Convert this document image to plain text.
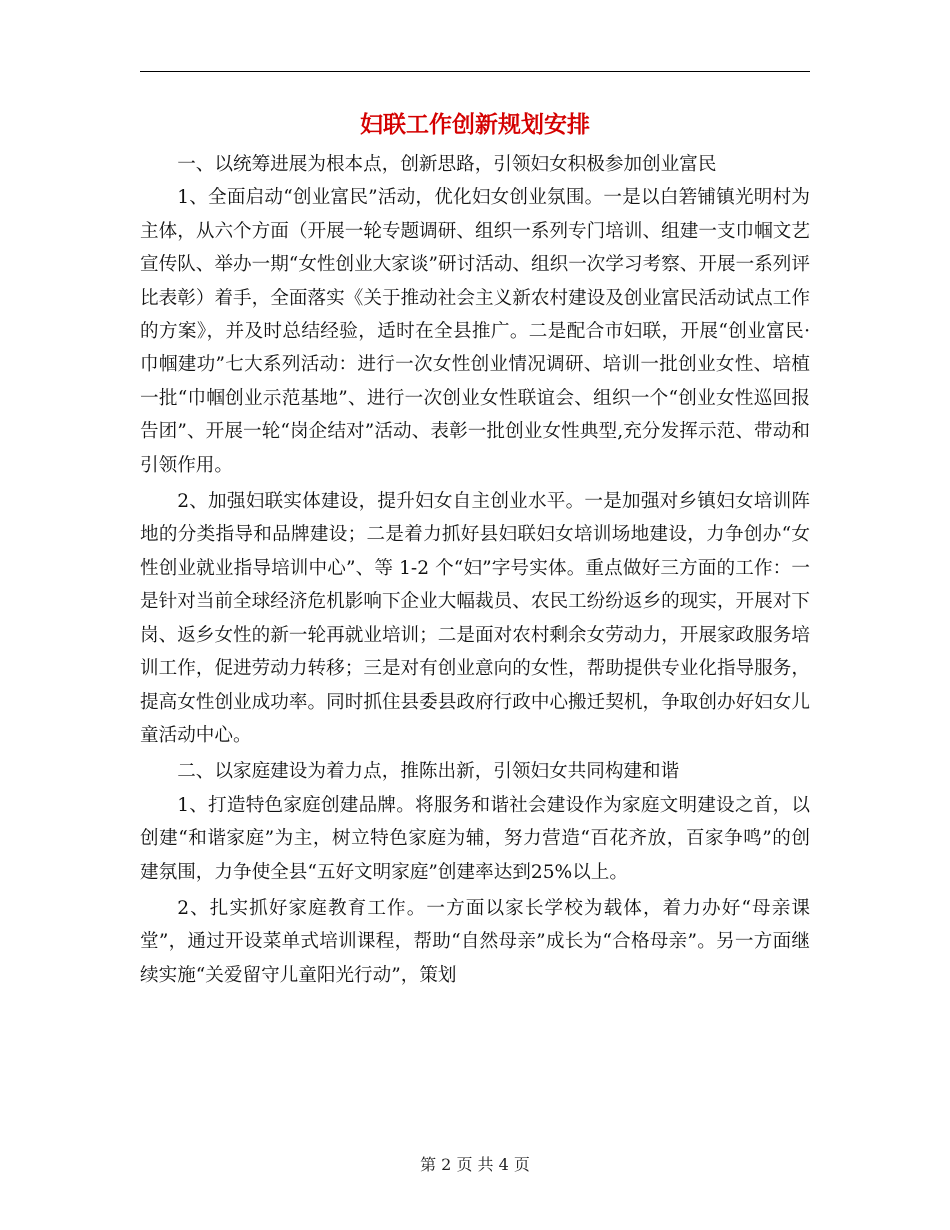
妇联工作创新规划安排

一、以统筹进展为根本点，创新思路，引领妇女积极参加创业富民

1、全面启动“创业富民”活动，优化妇女创业氛围。一是以白箬铺镇光明村为主体，从六个方面（开展一轮专题调研、组织一系列专门培训、组建一支巾帼文艺宣传队、举办一期“女性创业大家谈”研讨活动、组织一次学习考察、开展一系列评比表彰）着手，全面落实《关于推动社会主义新农村建设及创业富民活动试点工作的方案》，并及时总结经验，适时在全县推广。二是配合市妇联，开展“创业富民·巾帼建功”七大系列活动：进行一次女性创业情况调研、培训一批创业女性、培植一批“巾帼创业示范基地”、进行一次创业女性联谊会、组织一个“创业女性巡回报告团”、开展一轮“岗企结对”活动、表彰一批创业女性典型,充分发挥示范、带动和引领作用。

2、加强妇联实体建设，提升妇女自主创业水平。一是加强对乡镇妇女培训阵地的分类指导和品牌建设；二是着力抓好县妇联妇女培训场地建设，力争创办“女性创业就业指导培训中心”、等 1-2 个“妇”字号实体。重点做好三方面的工作：一是针对当前全球经济危机影响下企业大幅裁员、农民工纷纷返乡的现实，开展对下岗、返乡女性的新一轮再就业培训；二是面对农村剩余女劳动力，开展家政服务培训工作，促进劳动力转移；三是对有创业意向的女性，帮助提供专业化指导服务，提高女性创业成功率。同时抓住县委县政府行政中心搬迁契机，争取创办好妇女儿童活动中心。

二、以家庭建设为着力点，推陈出新，引领妇女共同构建和谐

1、打造特色家庭创建品牌。将服务和谐社会建设作为家庭文明建设之首，以创建“和谐家庭”为主，树立特色家庭为辅，努力营造“百花齐放，百家争鸣”的创建氛围，力争使全县“五好文明家庭”创建率达到25%以上。

2、扎实抓好家庭教育工作。一方面以家长学校为载体，着力办好“母亲课堂”，通过开设菜单式培训课程，帮助“自然母亲”成长为“合格母亲”。另一方面继续实施“关爱留守儿童阳光行动”，策划

第 2 页 共 4 页
